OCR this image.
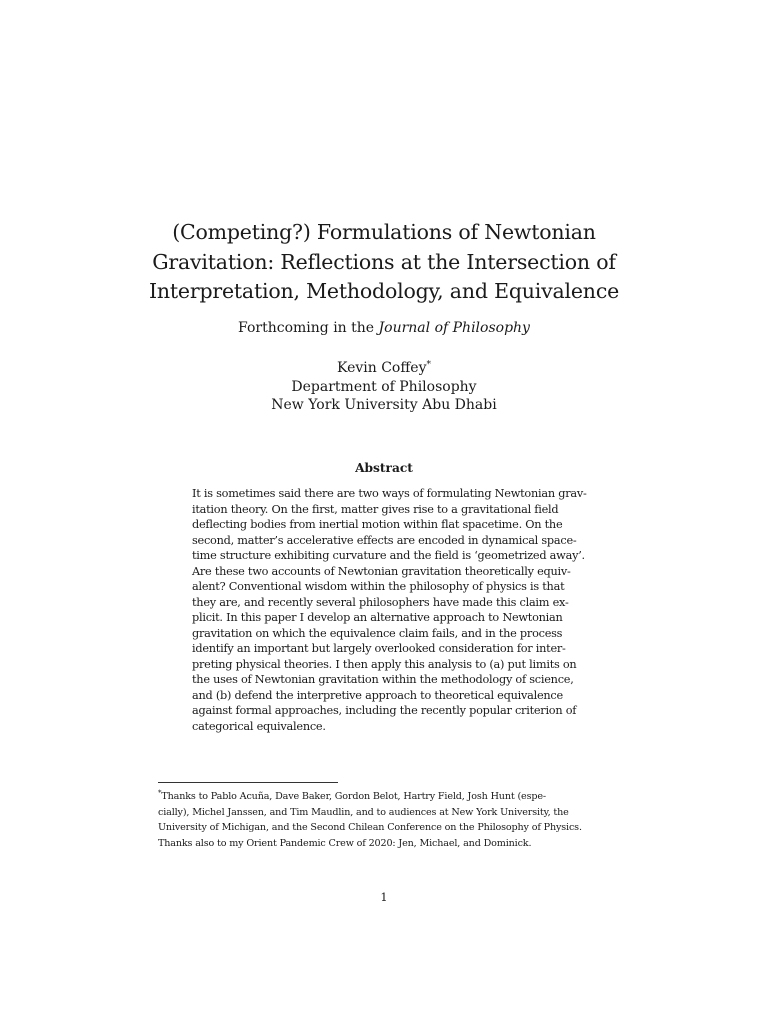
(Competing?) Formulations of Newtonian
Gravitation: Reflections at the Intersection of
Interpretation, Methodology, and Equivalence
Forthcoming in the Journal of Philosophy
Kevin Coffey*
Department of Philosophy
New York University Abu Dhabi
Abstract
It is sometimes said there are two ways of formulating Newtonian grav-
itation theory. On the first, matter gives rise to a gravitational field
deflecting bodies from inertial motion within flat spacetime. On the
second, matter’s accelerative effects are encoded in dynamical space-
time structure exhibiting curvature and the field is ‘geometrized away’.
Are these two accounts of Newtonian gravitation theoretically equiv-
alent? Conventional wisdom within the philosophy of physics is that
they are, and recently several philosophers have made this claim ex-
plicit. In this paper I develop an alternative approach to Newtonian
gravitation on which the equivalence claim fails, and in the process
identify an important but largely overlooked consideration for inter-
preting physical theories. I then apply this analysis to (a) put limits on
the uses of Newtonian gravitation within the methodology of science,
and (b) defend the interpretive approach to theoretical equivalence
against formal approaches, including the recently popular criterion of
categorical equivalence.
*Thanks to Pablo Acuña, Dave Baker, Gordon Belot, Hartry Field, Josh Hunt (espe-
cially), Michel Janssen, and Tim Maudlin, and to audiences at New York University, the
University of Michigan, and the Second Chilean Conference on the Philosophy of Physics.
Thanks also to my Orient Pandemic Crew of 2020: Jen, Michael, and Dominick.
1
